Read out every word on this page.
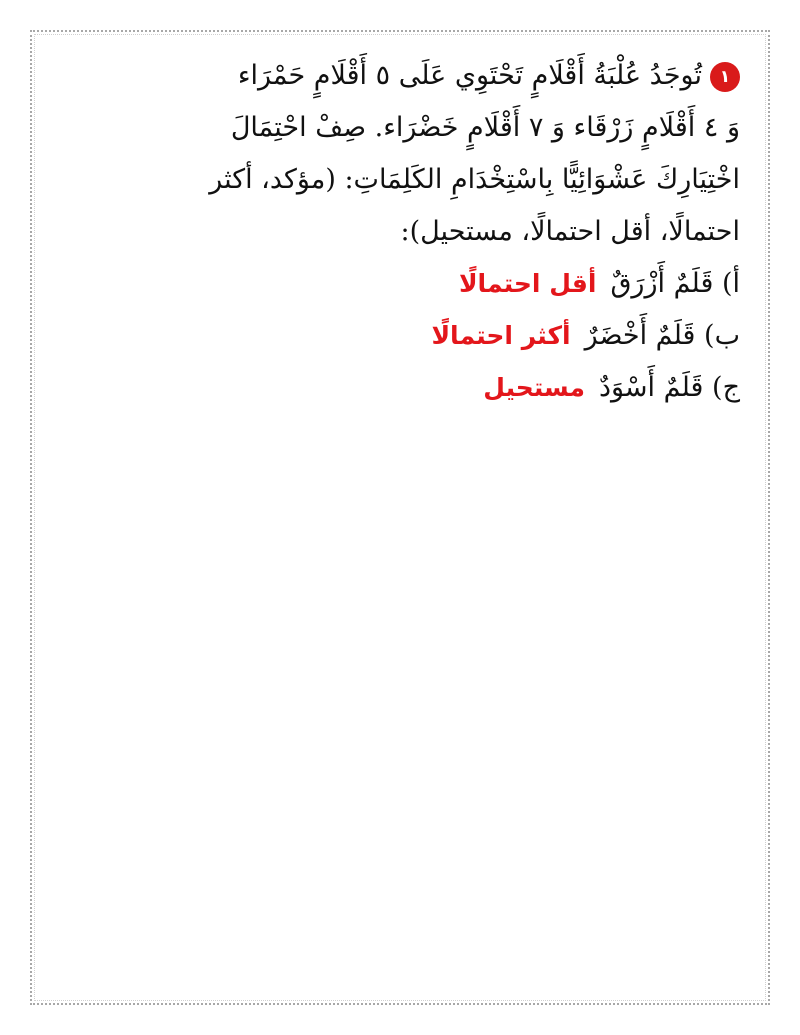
١تُوجَدُ عُلْبَةُ أَقْلَامٍ تَحْتَوِي عَلَى ٥ أَقْلَامٍ حَمْرَاء
وَ ٤ أَقْلَامٍ زَرْقَاء وَ ٧ أَقْلَامٍ خَضْرَاء. صِفْ احْتِمَالَ
اخْتِيَارِكَ عَشْوَائِيًّا بِاسْتِخْدَامِ الكَلِمَاتِ: (مؤكد، أكثر
احتمالًا، أقل احتمالًا، مستحيل):
أ) قَلَمٌ أَزْرَقٌأقل احتمالًا
ب) قَلَمٌ أَخْضَرٌأكثر احتمالًا
ج) قَلَمٌ أَسْوَدٌمستحيل
